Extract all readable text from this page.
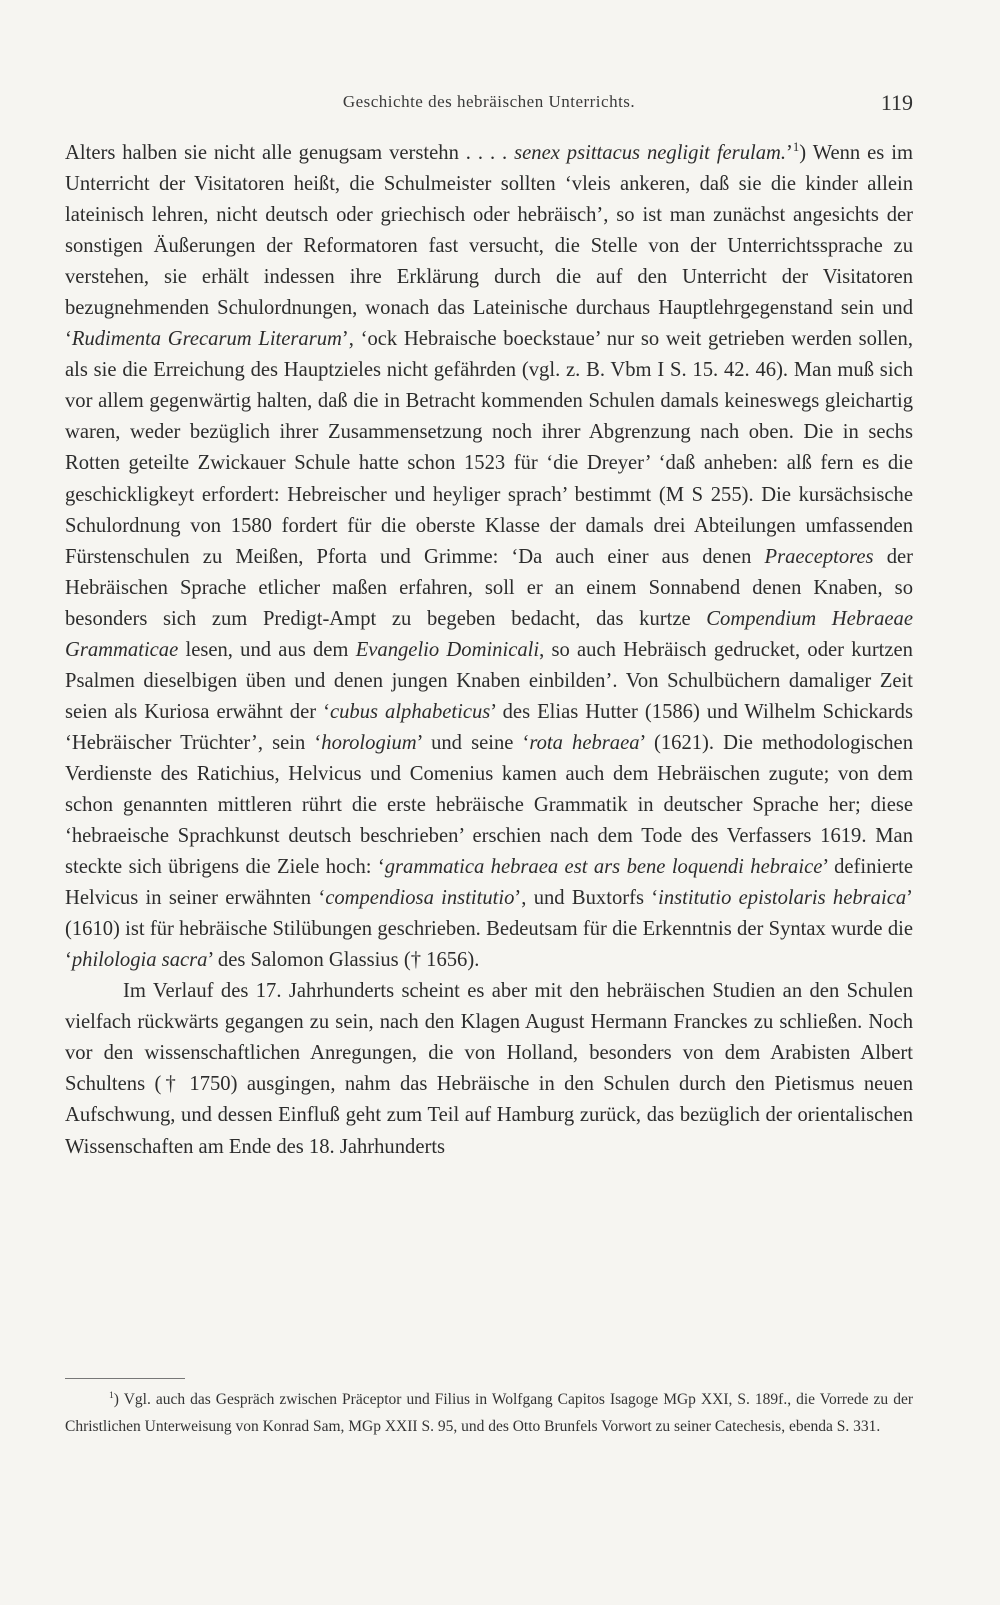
Geschichte des hebräischen Unterrichts.	119

Alters halben sie nicht alle genugsam verstehn . . . . senex psittacus negligit ferulam.’$^1$) Wenn es im Unterricht der Visitatoren heißt, die Schulmeister sollten ‘vleis ankeren, daß sie die kinder allein lateinisch lehren, nicht deutsch oder griechisch oder hebräisch’, so ist man zunächst angesichts der sonstigen Äußerungen der Reformatoren fast versucht, die Stelle von der Unterrichtssprache zu verstehen, sie erhält indessen ihre Erklärung durch die auf den Unterricht der Visitatoren bezugnehmenden Schulordnungen, wonach das Lateinische durchaus Hauptlehrgegenstand sein und ‘Rudimenta Grecarum Literarum’, ‘ock Hebraische boeckstaue’ nur so weit getrieben werden sollen, als sie die Erreichung des Hauptzieles nicht gefährden (vgl. z. B. Vbm I S. 15. 42. 46). Man muß sich vor allem gegenwärtig halten, daß die in Betracht kommenden Schulen damals keineswegs gleichartig waren, weder bezüglich ihrer Zusammensetzung noch ihrer Abgrenzung nach oben. Die in sechs Rotten geteilte Zwickauer Schule hatte schon 1523 für ‘die Dreyer’ ‘daß anheben: alß fern es die geschickligkeyt erfordert: Hebreischer und heyliger sprach’ bestimmt (M S 255). Die kursächsische Schulordnung von 1580 fordert für die oberste Klasse der damals drei Abteilungen umfassenden Fürstenschulen zu Meißen, Pforta und Grimme: ‘Da auch einer aus denen Praeceptores der Hebräischen Sprache etlicher maßen erfahren, soll er an einem Sonnabend denen Knaben, so besonders sich zum Predigt-Ampt zu begeben bedacht, das kurtze Compendium Hebraeae Grammaticae lesen, und aus dem Evangelio Dominicali, so auch Hebräisch gedrucket, oder kurtzen Psalmen dieselbigen üben und denen jungen Knaben einbilden’. Von Schulbüchern damaliger Zeit seien als Kuriosa erwähnt der ‘cubus alphabeticus’ des Elias Hutter (1586) und Wilhelm Schickards ‘Hebräischer Trüchter’, sein ‘horologium’ und seine ‘rota hebraea’ (1621). Die methodologischen Verdienste des Ratichius, Helvicus und Comenius kamen auch dem Hebräischen zugute; von dem schon genannten mittleren rührt die erste hebräische Grammatik in deutscher Sprache her; diese ‘hebraeische Sprachkunst deutsch beschrieben’ erschien nach dem Tode des Verfassers 1619. Man steckte sich übrigens die Ziele hoch: ‘grammatica hebraea est ars bene loquendi hebraice’ definierte Helvicus in seiner erwähnten ‘compendiosa institutio’, und Buxtorfs ‘institutio epistolaris hebraica’ (1610) ist für hebräische Stilübungen geschrieben. Bedeutsam für die Erkenntnis der Syntax wurde die ‘philologia sacra’ des Salomon Glassius († 1656).

Im Verlauf des 17. Jahrhunderts scheint es aber mit den hebräischen Studien an den Schulen vielfach rückwärts gegangen zu sein, nach den Klagen August Hermann Franckes zu schließen. Noch vor den wissenschaftlichen Anregungen, die von Holland, besonders von dem Arabisten Albert Schultens († 1750) ausgingen, nahm das Hebräische in den Schulen durch den Pietismus neuen Aufschwung, und dessen Einfluß geht zum Teil auf Hamburg zurück, das bezüglich der orientalischen Wissenschaften am Ende des 18. Jahrhunderts

$^1$) Vgl. auch das Gespräch zwischen Präceptor und Filius in Wolfgang Capitos Isagoge MGp XXI, S. 189f., die Vorrede zu der Christlichen Unterweisung von Konrad Sam, MGp XXII S. 95, und des Otto Brunfels Vorwort zu seiner Catechesis, ebenda S. 331.
